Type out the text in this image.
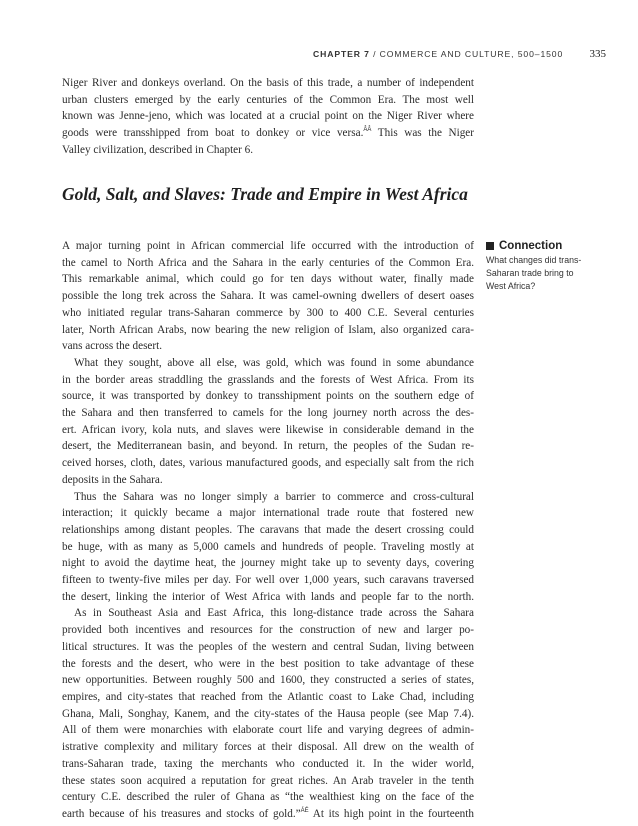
CHAPTER 7 / COMMERCE AND CULTURE, 500–1500 335
Niger River and donkeys overland. On the basis of this trade, a number of independent
urban clusters emerged by the early centuries of the Common Era. The most well
known was Jenne-jeno, which was located at a crucial point on the Niger River where
goods were transshipped from boat to donkey or vice versa.$^{ÂÂ}$ This was the Niger
Valley civilization, described in Chapter 6.
Gold, Salt, and Slaves: Trade and Empire in West Africa
Connection
What changes did trans-
Saharan trade bring to
West Africa?
A major turning point in African commercial life occurred with the introduction of
the camel to North Africa and the Sahara in the early centuries of the Common Era.
This remarkable animal, which could go for ten days without water, finally made
possible the long trek across the Sahara. It was camel-owning dwellers of desert oases
who initiated regular trans-Saharan commerce by 300 to 400 C.E. Several centuries
later, North African Arabs, now bearing the new religion of Islam, also organized cara-
vans across the desert.
What they sought, above all else, was gold, which was found in some abundance
in the border areas straddling the grasslands and the forests of West Africa. From its
source, it was transported by donkey to transshipment points on the southern edge of
the Sahara and then transferred to camels for the long journey north across the des-
ert. African ivory, kola nuts, and slaves were likewise in considerable demand in the
desert, the Mediterranean basin, and beyond. In return, the peoples of the Sudan re-
ceived horses, cloth, dates, various manufactured goods, and especially salt from the rich
deposits in the Sahara.
Thus the Sahara was no longer simply a barrier to commerce and cross-cultural
interaction; it quickly became a major international trade route that fostered new
relationships among distant peoples. The caravans that made the desert crossing could
be huge, with as many as 5,000 camels and hundreds of people. Traveling mostly at
night to avoid the daytime heat, the journey might take up to seventy days, covering
fifteen to twenty-five miles per day. For well over 1,000 years, such caravans traversed
the desert, linking the interior of West Africa with lands and people far to the north.
As in Southeast Asia and East Africa, this long-distance trade across the Sahara
provided both incentives and resources for the construction of new and larger po-
litical structures. It was the peoples of the western and central Sudan, living between
the forests and the desert, who were in the best position to take advantage of these
new opportunities. Between roughly 500 and 1600, they constructed a series of states,
empires, and city-states that reached from the Atlantic coast to Lake Chad, including
Ghana, Mali, Songhay, Kanem, and the city-states of the Hausa people (see Map 7.4).
All of them were monarchies with elaborate court life and varying degrees of admin-
istrative complexity and military forces at their disposal. All drew on the wealth of
trans-Saharan trade, taxing the merchants who conducted it. In the wider world,
these states soon acquired a reputation for great riches. An Arab traveler in the tenth
century C.E. described the ruler of Ghana as “the wealthiest king on the face of the
earth because of his treasures and stocks of gold.”$^{ÁÉ}$ At its high point in the fourteenth
